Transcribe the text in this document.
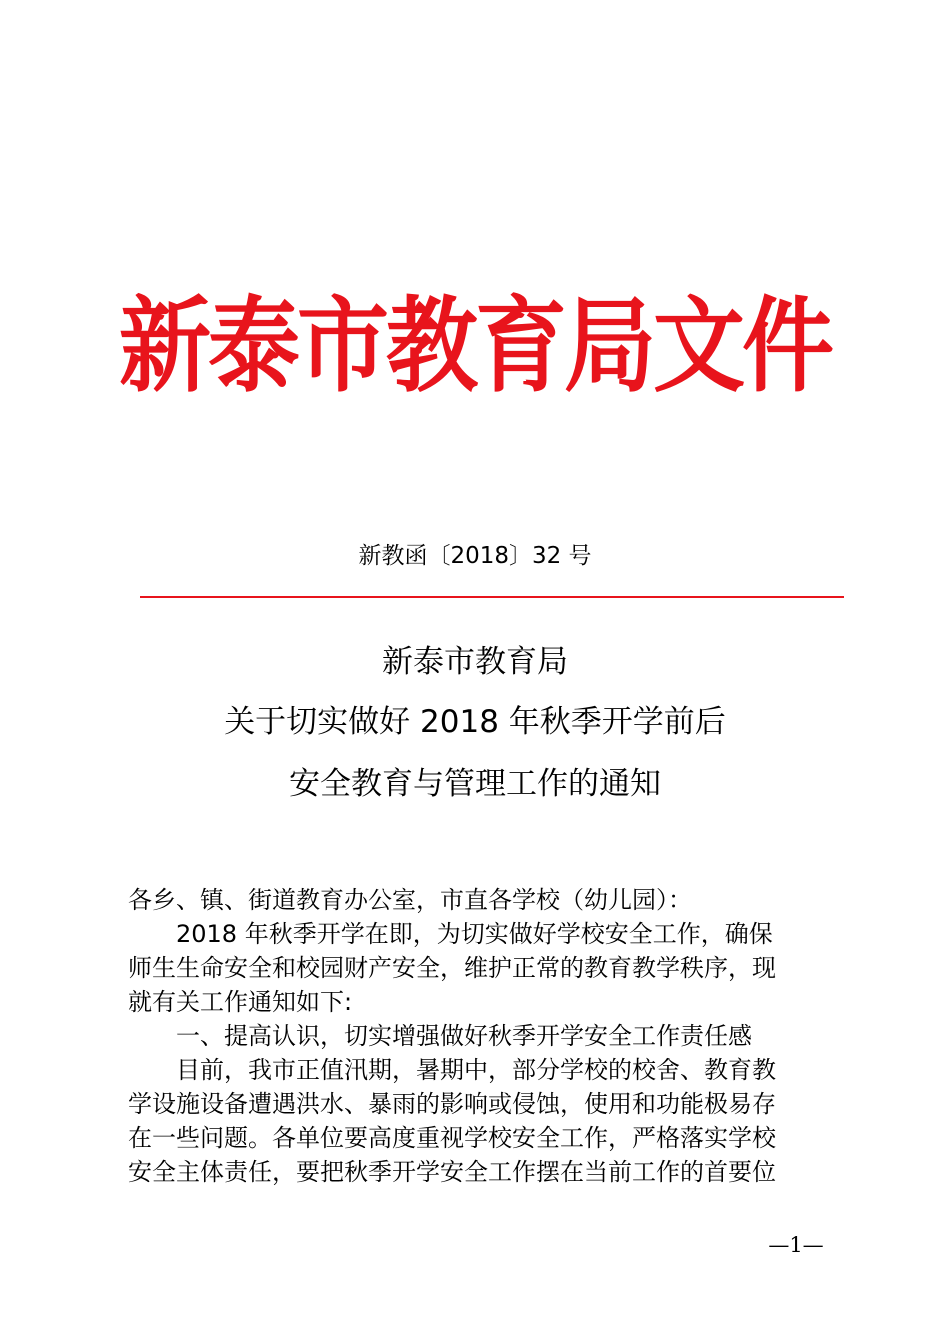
新泰市教育局文件
新教函〔2018〕32 号
新泰市教育局
关于切实做好 2018 年秋季开学前后
安全教育与管理工作的通知
各乡、镇、街道教育办公室，市直各学校（幼儿园）：
2018 年秋季开学在即，为切实做好学校安全工作，确保
师生生命安全和校园财产安全，维护正常的教育教学秩序，现
就有关工作通知如下:
一、提高认识，切实增强做好秋季开学安全工作责任感
目前，我市正值汛期，暑期中，部分学校的校舍、教育教
学设施设备遭遇洪水、暴雨的影响或侵蚀，使用和功能极易存
在一些问题。各单位要高度重视学校安全工作，严格落实学校
安全主体责任，要把秋季开学安全工作摆在当前工作的首要位
—1—
